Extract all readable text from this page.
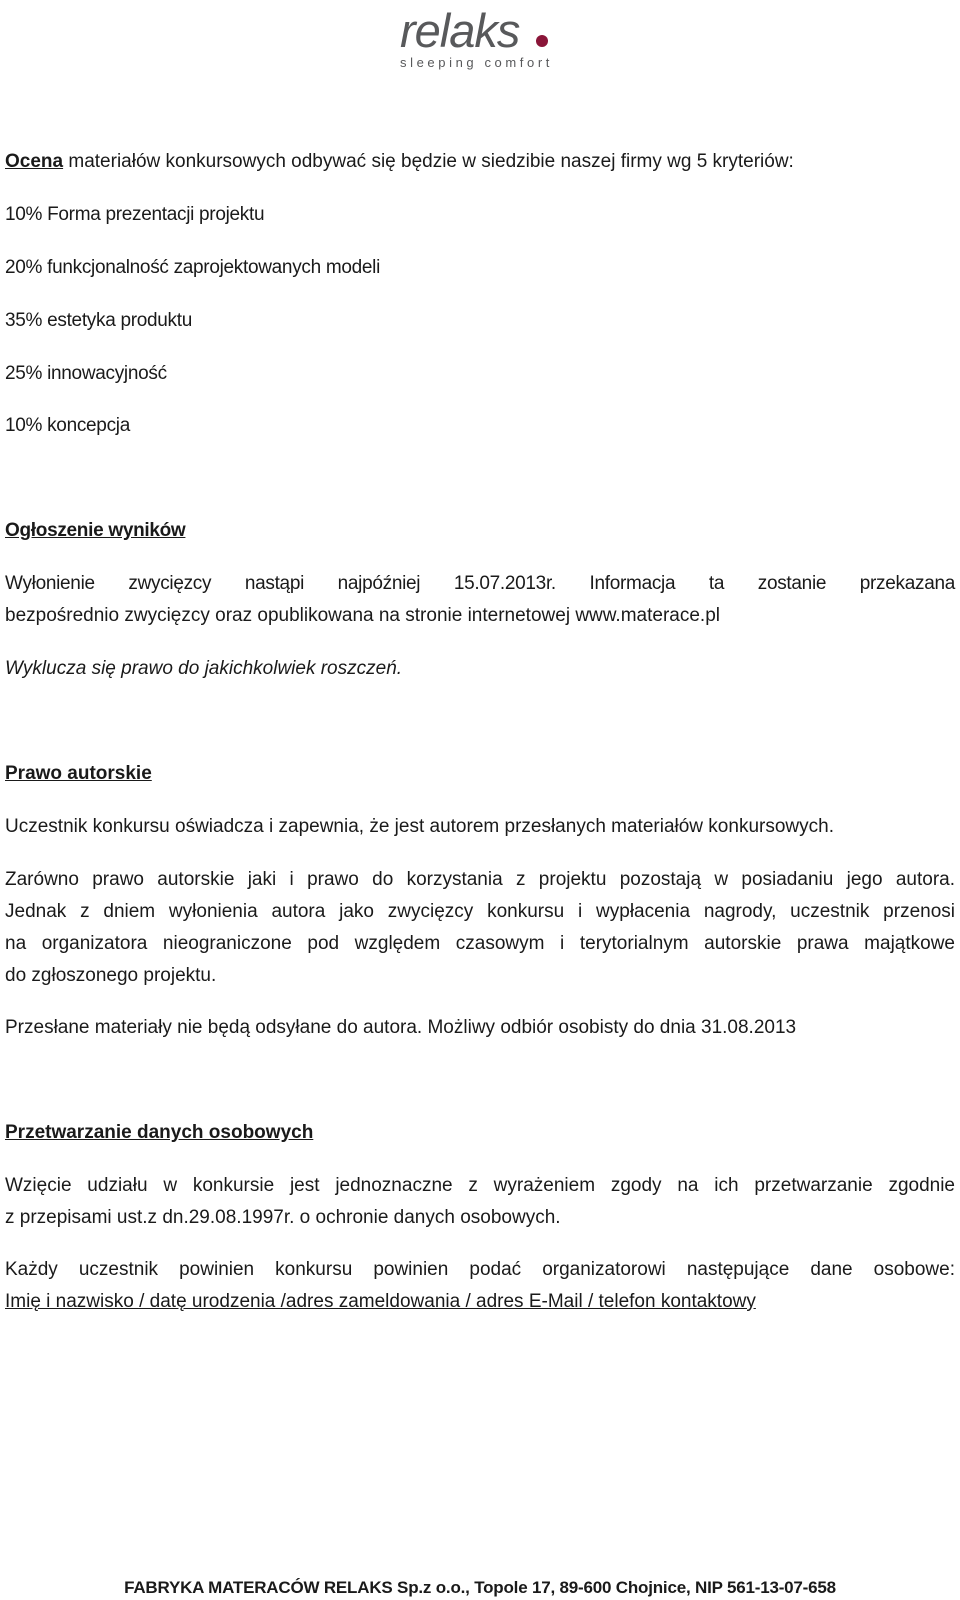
relaks
sleeping comfort
Ocena materiałów konkursowych odbywać się będzie w siedzibie naszej firmy wg 5 kryteriów:
10% Forma prezentacji projektu
20% funkcjonalność zaprojektowanych modeli
35% estetyka produktu
25% innowacyjność
10% koncepcja
Ogłoszenie wyników
Wyłonienie zwycięzcy nastąpi najpóźniej 15.07.2013r. Informacja ta zostanie przekazana
bezpośrednio zwycięzcy oraz opublikowana na stronie internetowej www.materace.pl
Wyklucza się prawo do jakichkolwiek roszczeń.
Prawo autorskie
Uczestnik konkursu oświadcza i zapewnia, że jest autorem przesłanych materiałów konkursowych.
Zarówno prawo autorskie jaki i prawo do korzystania z projektu pozostają w posiadaniu jego autora.
Jednak z dniem wyłonienia autora jako zwycięzcy konkursu i wypłacenia nagrody, uczestnik przenosi
na organizatora nieograniczone pod względem czasowym i terytorialnym autorskie prawa majątkowe
do zgłoszonego projektu.
Przesłane materiały nie będą odsyłane do autora. Możliwy odbiór osobisty do dnia 31.08.2013
Przetwarzanie danych osobowych
Wzięcie udziału w konkursie jest jednoznaczne z wyrażeniem zgody na ich przetwarzanie zgodnie
z przepisami ust.z dn.29.08.1997r. o ochronie danych osobowych.
Każdy uczestnik powinien konkursu powinien podać organizatorowi następujące dane osobowe:
Imię i nazwisko / datę urodzenia /adres zameldowania / adres E-Mail / telefon kontaktowy
FABRYKA MATERACÓW RELAKS Sp.z o.o., Topole 17, 89-600 Chojnice, NIP 561-13-07-658
